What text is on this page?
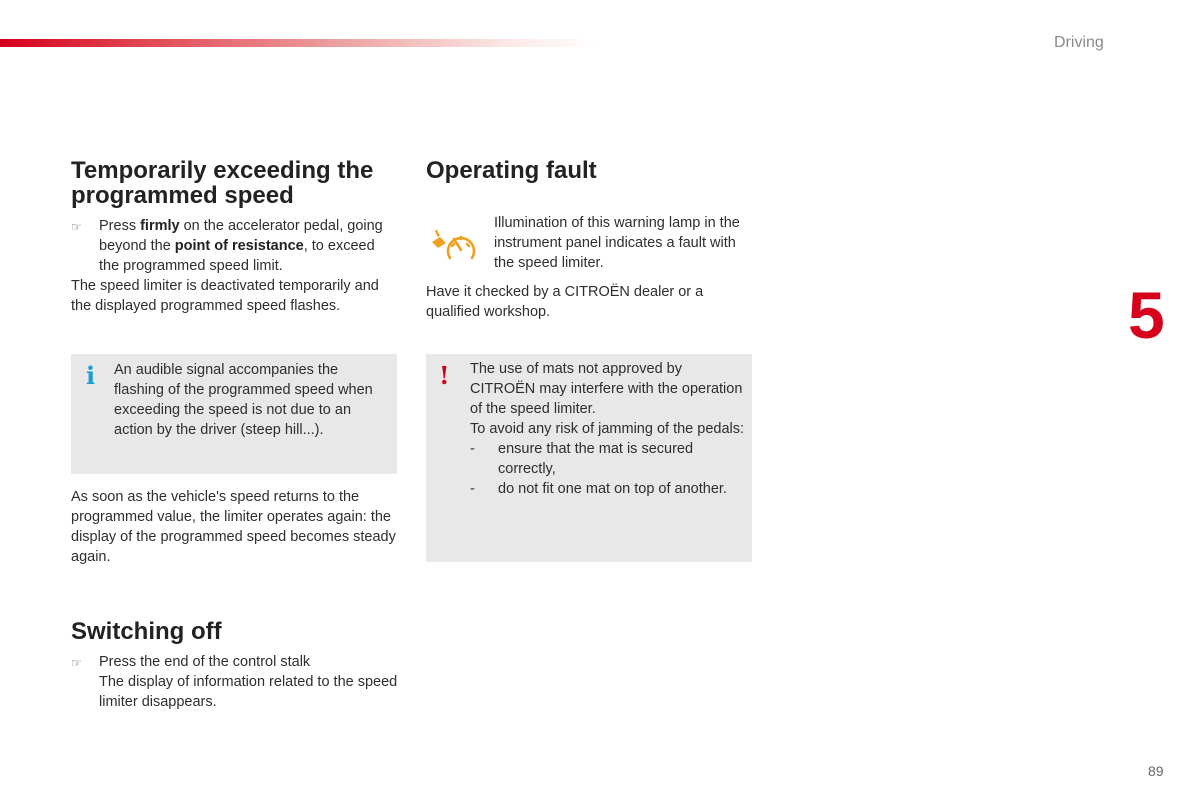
Driving
5
89
Temporarily exceeding the
programmed speed
☞ Press firmly on the accelerator pedal, going beyond the point of resistance, to exceed the programmed speed limit.

The speed limiter is deactivated temporarily and the displayed programmed speed flashes.

i An audible signal accompanies the flashing of the programmed speed when exceeding the speed is not due to an action by the driver (steep hill...).

As soon as the vehicle's speed returns to the programmed value, the limiter operates again: the display of the programmed speed becomes steady again.

Switching off
☞ Press the end of the control stalk
The display of information related to the speed limiter disappears.
Operating fault

Illumination of this warning lamp in the instrument panel indicates a fault with the speed limiter.

Have it checked by a CITROËN dealer or a qualified workshop.

! The use of mats not approved by CITROËN may interfere with the operation of the speed limiter.

To avoid any risk of jamming of the pedals:

- ensure that the mat is secured correctly,
- do not fit one mat on top of another.
